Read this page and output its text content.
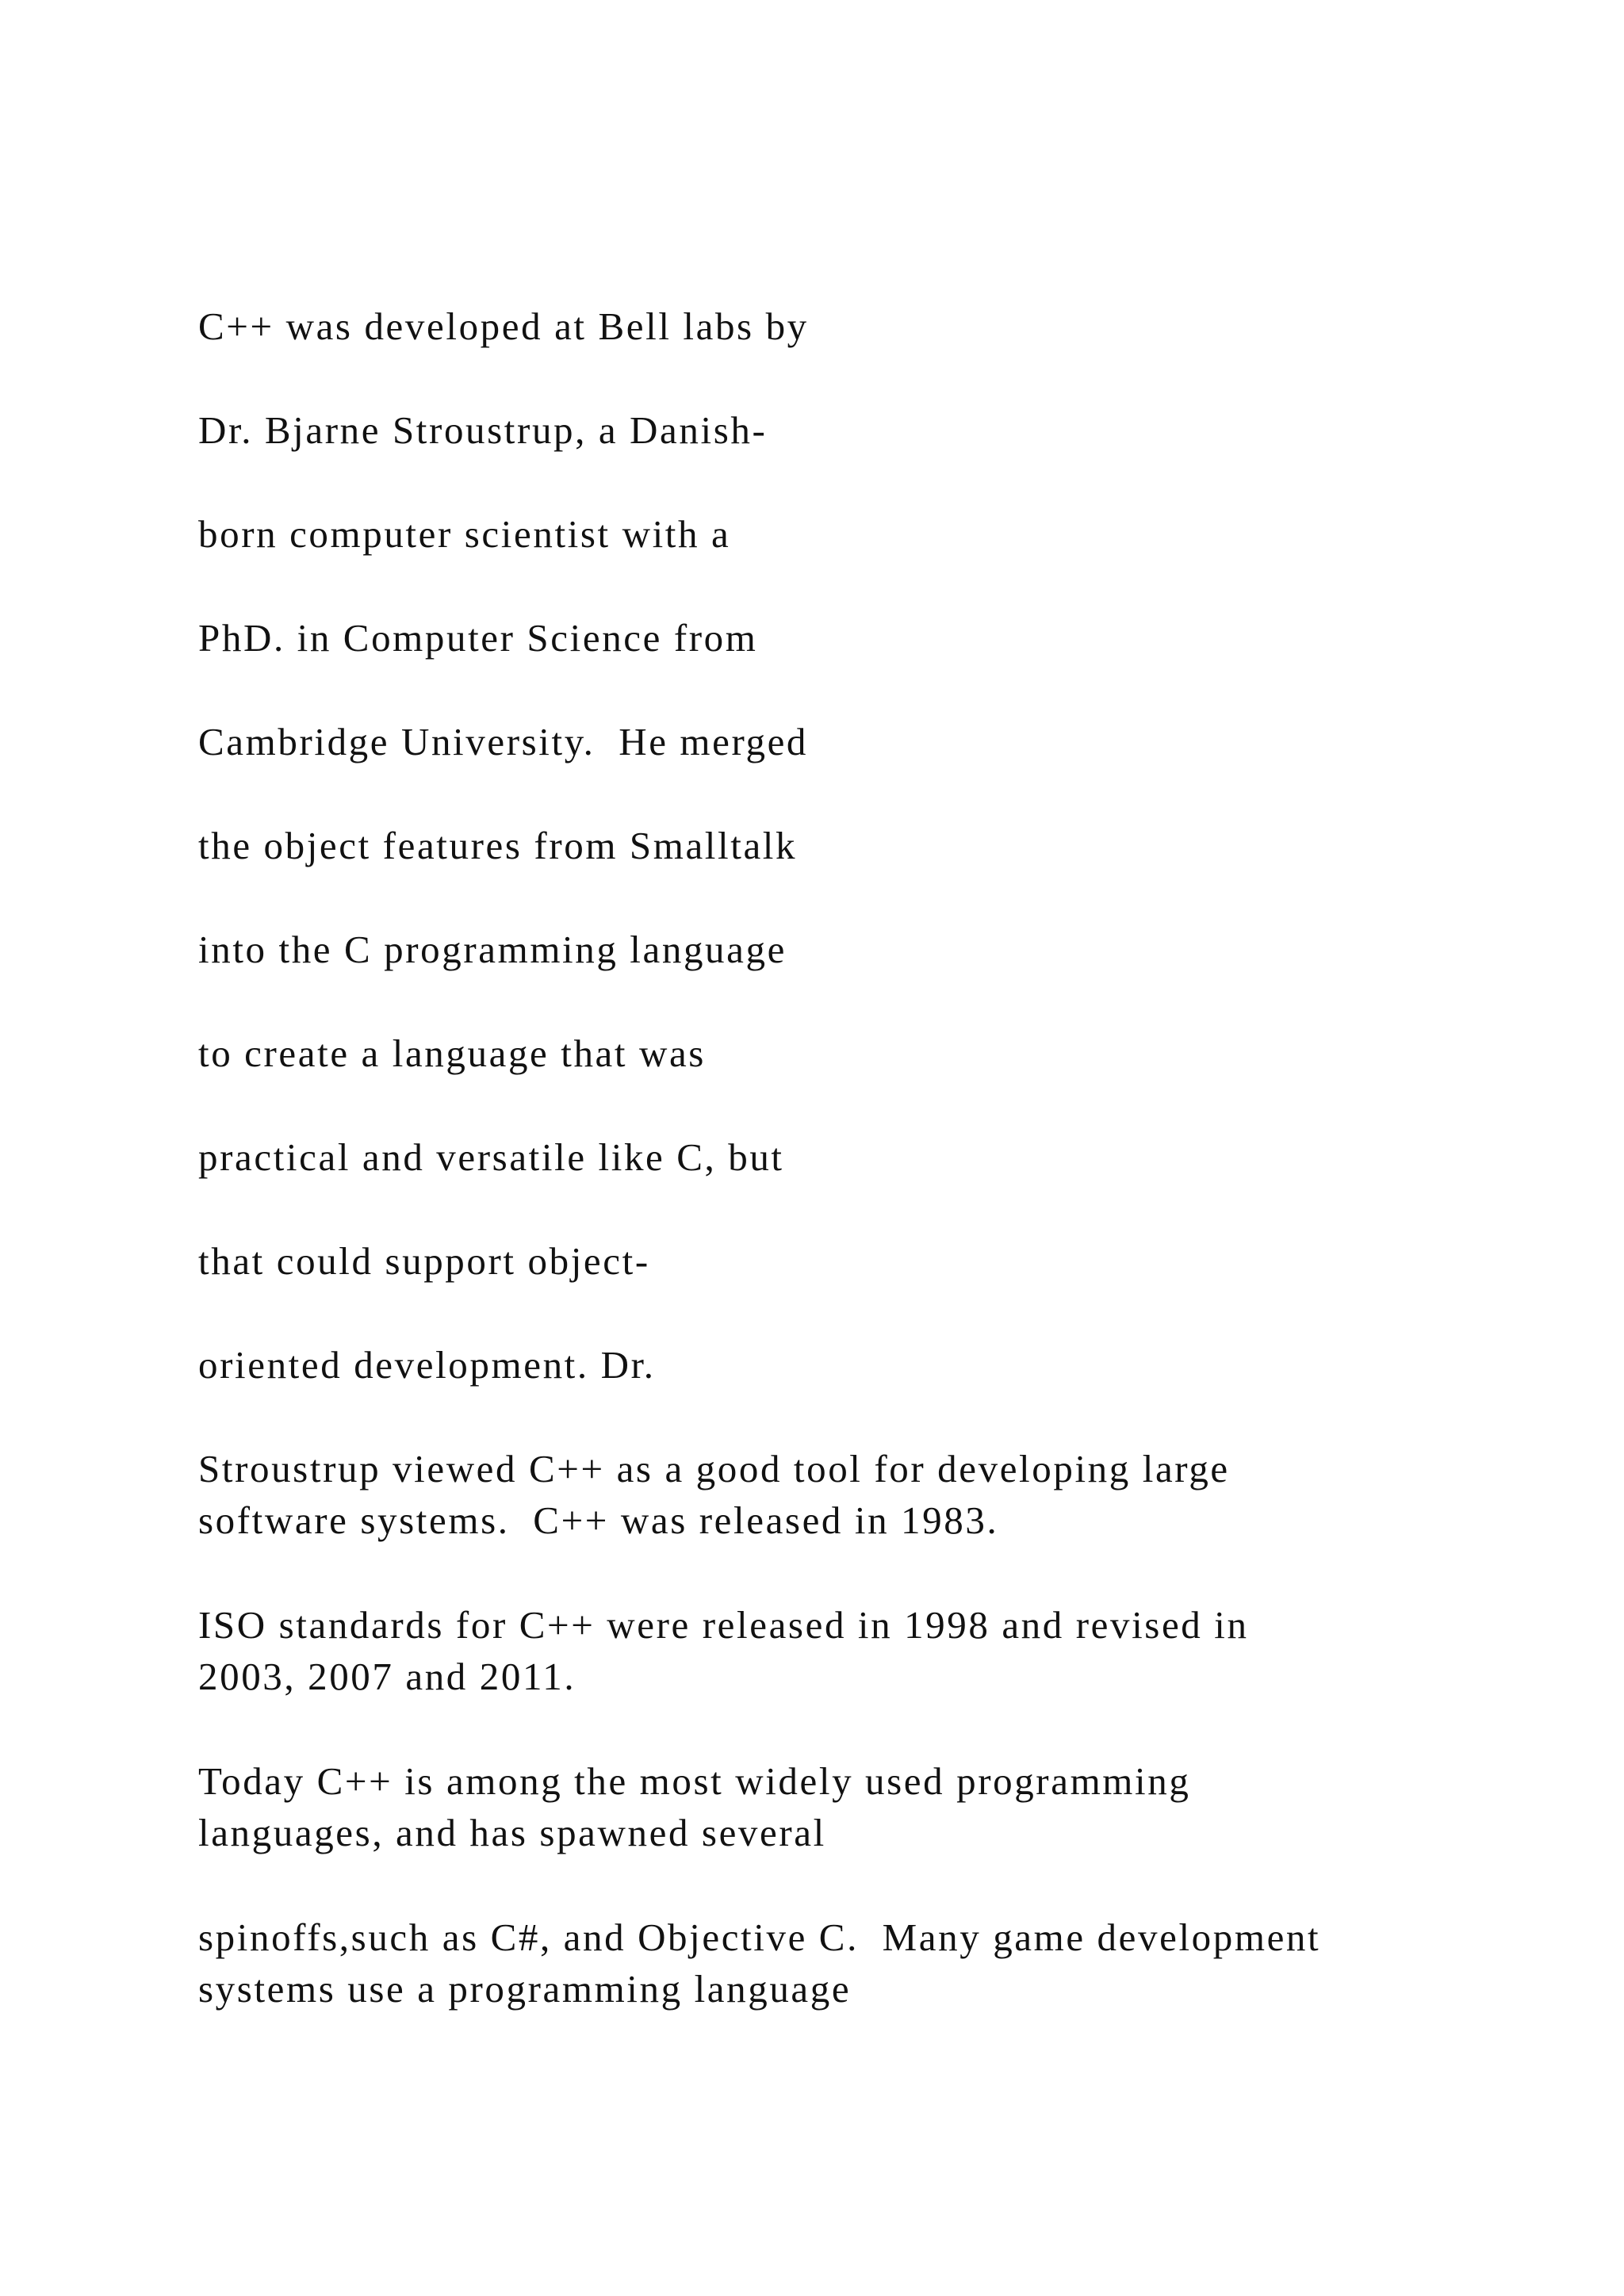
C++ was developed at Bell labs by
Dr. Bjarne Stroustrup, a Danish-
born computer scientist with a
PhD. in Computer Science from
Cambridge University.  He merged
the object features from Smalltalk
into the C programming language
to create a language that was
practical and versatile like C, but
that could support object-
oriented development. Dr.
Stroustrup viewed C++ as a good tool for developing large
software systems.  C++ was released in 1983.
ISO standards for C++ were released in 1998 and revised in
2003, 2007 and 2011.
Today C++ is among the most widely used programming
languages, and has spawned several
spinoffs,such as C#, and Objective C.  Many game development
systems use a programming language
